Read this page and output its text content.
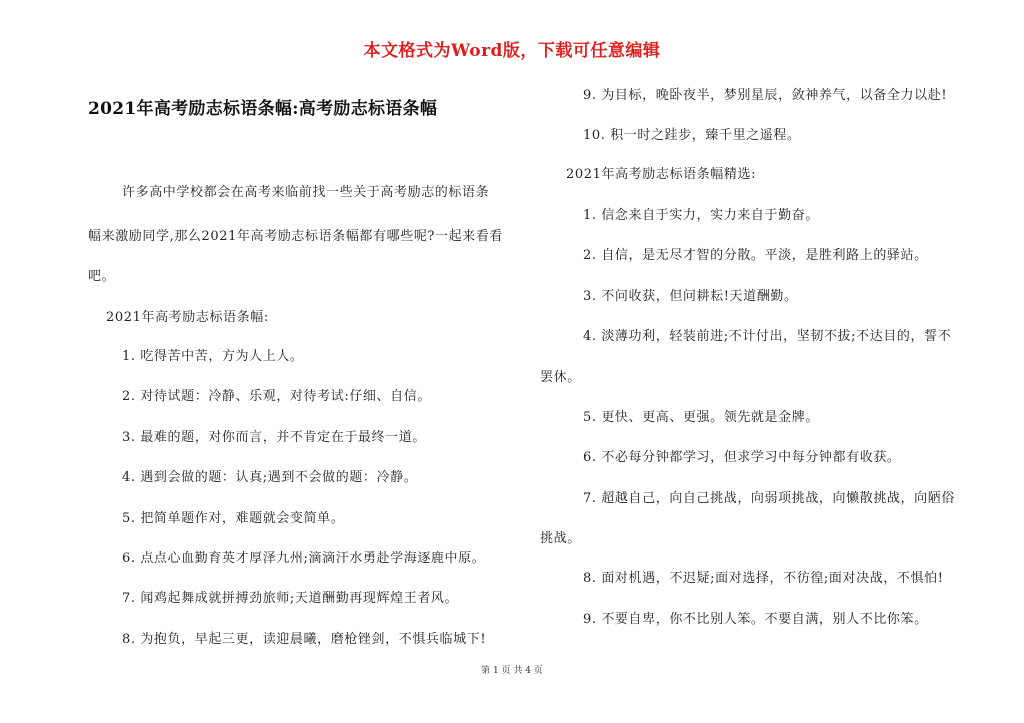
本文格式为Word版，下载可任意编辑
2021年高考励志标语条幅:高考励志标语条幅
许多高中学校都会在高考来临前找一些关于高考励志的标语条
幅来激励同学,那么2021年高考励志标语条幅都有哪些呢?一起来看看
吧。
2021年高考励志标语条幅:
1. 吃得苦中苦，方为人上人。
2. 对待试题：冷静、乐观，对待考试:仔细、自信。
3. 最难的题，对你而言，并不肯定在于最终一道。
4. 遇到会做的题：认真;遇到不会做的题：冷静。
5. 把简单题作对，难题就会变简单。
6. 点点心血勤育英才厚泽九州;滴滴汗水勇赴学海逐鹿中原。
7. 闻鸡起舞成就拼搏劲旅师;天道酬勤再现辉煌王者风。
8. 为抱负，早起三更，读迎晨曦，磨枪锉剑，不惧兵临城下!
9. 为目标，晚卧夜半，梦别星辰，敛神养气，以备全力以赴!
10. 积一时之跬步，臻千里之遥程。
2021年高考励志标语条幅精选:
1. 信念来自于实力，实力来自于勤奋。
2. 自信，是无尽才智的分散。平淡，是胜利路上的驿站。
3. 不问收获，但问耕耘!天道酬勤。
4. 淡薄功利，轻装前进;不计付出，坚韧不拔;不达目的，誓不
罢休。
5. 更快、更高、更强。领先就是金牌。
6. 不必每分钟都学习，但求学习中每分钟都有收获。
7. 超越自己，向自己挑战，向弱项挑战，向懒散挑战，向陋俗
挑战。
8. 面对机遇，不迟疑;面对选择，不彷徨;面对决战，不惧怕!
9. 不要自卑，你不比别人笨。不要自满，别人不比你笨。
第 1 页 共 4 页
